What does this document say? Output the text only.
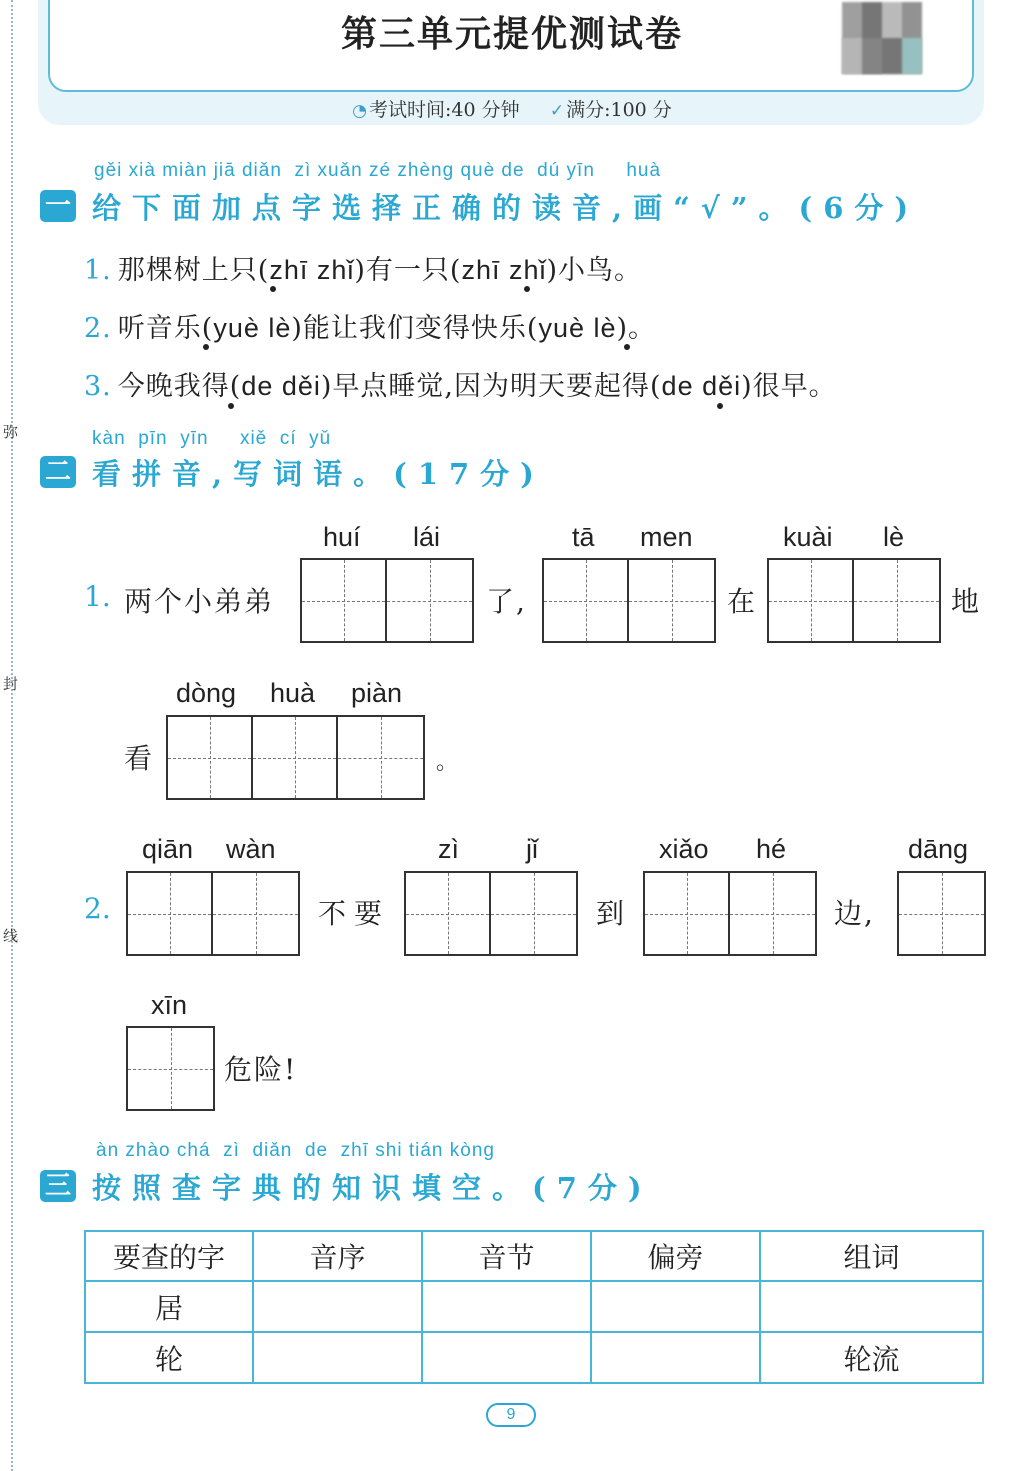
弥
封
线
第三单元提优测试卷
◔ 考试时间:40 分钟 ✓ 满分:100 分
gěi xià miàn jiā diǎn zì xuǎn zé zhèng què de dú yīn huà
一 给下面加点字选择正确的读音,画“√”。(6分)
1. 那棵树上只(zhī zhǐ)有一只(zhī zhǐ)小鸟。
2. 听音乐(yuè lè)能让我们变得快乐(yuè lè)。
3. 今晚我得(de děi)早点睡觉,因为明天要起得(de děi)很早。
kàn pīn yīn xiě cí yǔ
二 看拼音,写词语。(17分)
huí lái	tā men	kuài lè
1. 两个小弟弟	了,	在	地
dòng huà piàn
看	。
qiān wàn	zì jǐ	xiǎo hé	dāng
2.	不要	到	边,
xīn
危险!
àn zhào chá zì diǎn de zhī shi tián kòng
三 按照查字典的知识填空。(7分)
要查的字	音序	音节	偏旁	组词
居				
轮				轮流
9
